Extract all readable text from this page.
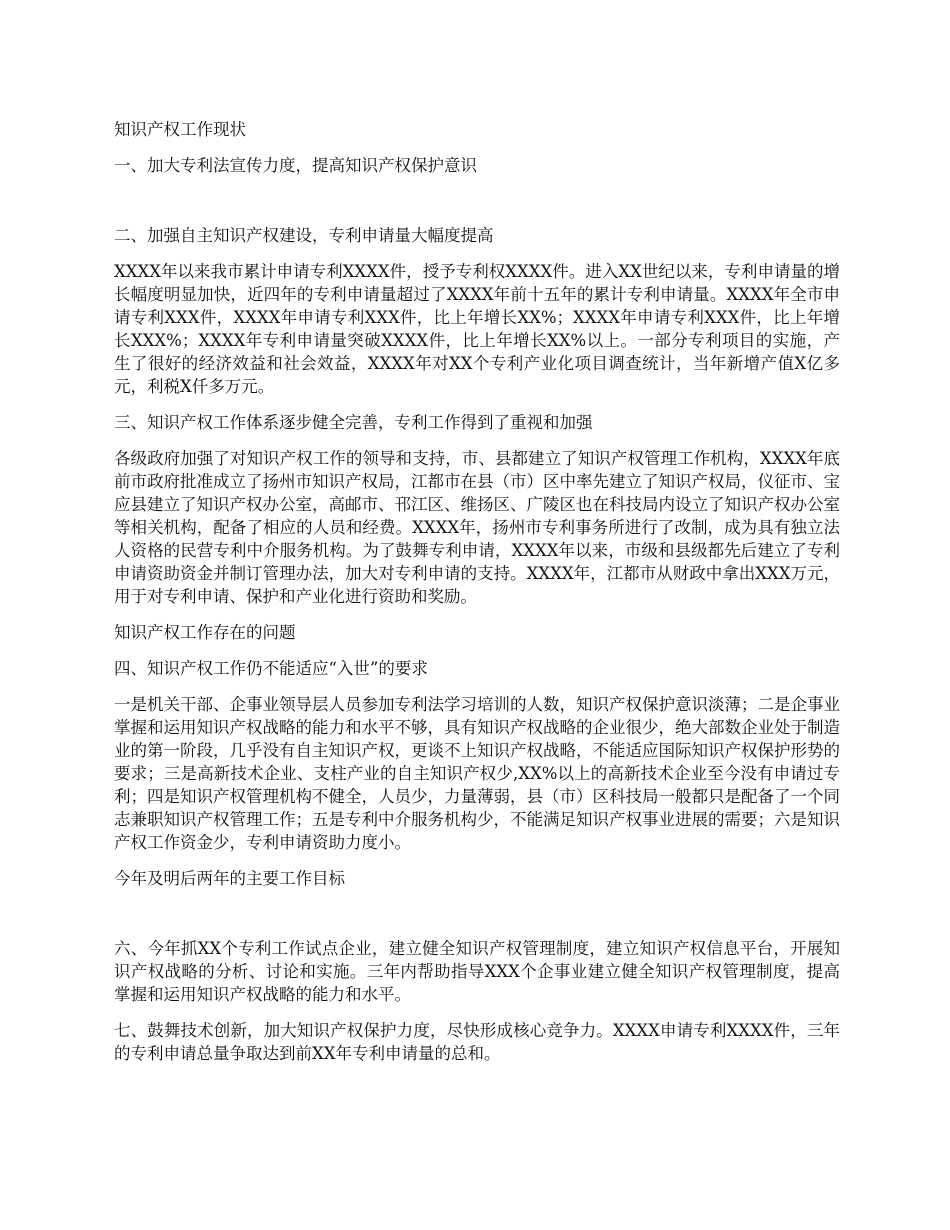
知识产权工作现状

一、加大专利法宣传力度，提高知识产权保护意识

二、加强自主知识产权建设，专利申请量大幅度提高

XXXX年以来我市累计申请专利XXXX件，授予专利权XXXX件。进入XX世纪以来，专利申请量的增长幅度明显加快，近四年的专利申请量超过了XXXX年前十五年的累计专利申请量。XXXX年全市申请专利XXX件，XXXX年申请专利XXX件，比上年增长XX%；XXXX年申请专利XXX件，比上年增长XXX%；XXXX年专利申请量突破XXXX件，比上年增长XX%以上。一部分专利项目的实施，产生了很好的经济效益和社会效益，XXXX年对XX个专利产业化项目调查统计，当年新增产值X亿多元，利税X仟多万元。

三、知识产权工作体系逐步健全完善，专利工作得到了重视和加强

各级政府加强了对知识产权工作的领导和支持，市、县都建立了知识产权管理工作机构，XXXX年底前市政府批准成立了扬州市知识产权局，江都市在县（市）区中率先建立了知识产权局，仪征市、宝应县建立了知识产权办公室，高邮市、邗江区、维扬区、广陵区也在科技局内设立了知识产权办公室等相关机构，配备了相应的人员和经费。XXXX年，扬州市专利事务所进行了改制，成为具有独立法人资格的民营专利中介服务机构。为了鼓舞专利申请，XXXX年以来，市级和县级都先后建立了专利申请资助资金并制订管理办法，加大对专利申请的支持。XXXX年，江都市从财政中拿出XXX万元，用于对专利申请、保护和产业化进行资助和奖励。

知识产权工作存在的问题

四、知识产权工作仍不能适应“入世”的要求

一是机关干部、企事业领导层人员参加专利法学习培训的人数，知识产权保护意识淡薄；二是企事业掌握和运用知识产权战略的能力和水平不够，具有知识产权战略的企业很少，绝大部数企业处于制造业的第一阶段，几乎没有自主知识产权，更谈不上知识产权战略，不能适应国际知识产权保护形势的要求；三是高新技术企业、支柱产业的自主知识产权少,XX%以上的高新技术企业至今没有申请过专利；四是知识产权管理机构不健全，人员少，力量薄弱，县（市）区科技局一般都只是配备了一个同志兼职知识产权管理工作；五是专利中介服务机构少，不能满足知识产权事业进展的需要；六是知识产权工作资金少，专利申请资助力度小。

今年及明后两年的主要工作目标

六、今年抓XX个专利工作试点企业，建立健全知识产权管理制度，建立知识产权信息平台，开展知识产权战略的分析、讨论和实施。三年内帮助指导XXX个企事业建立健全知识产权管理制度，提高掌握和运用知识产权战略的能力和水平。

七、鼓舞技术创新，加大知识产权保护力度，尽快形成核心竞争力。XXXX申请专利XXXX件，三年的专利申请总量争取达到前XX年专利申请量的总和。
